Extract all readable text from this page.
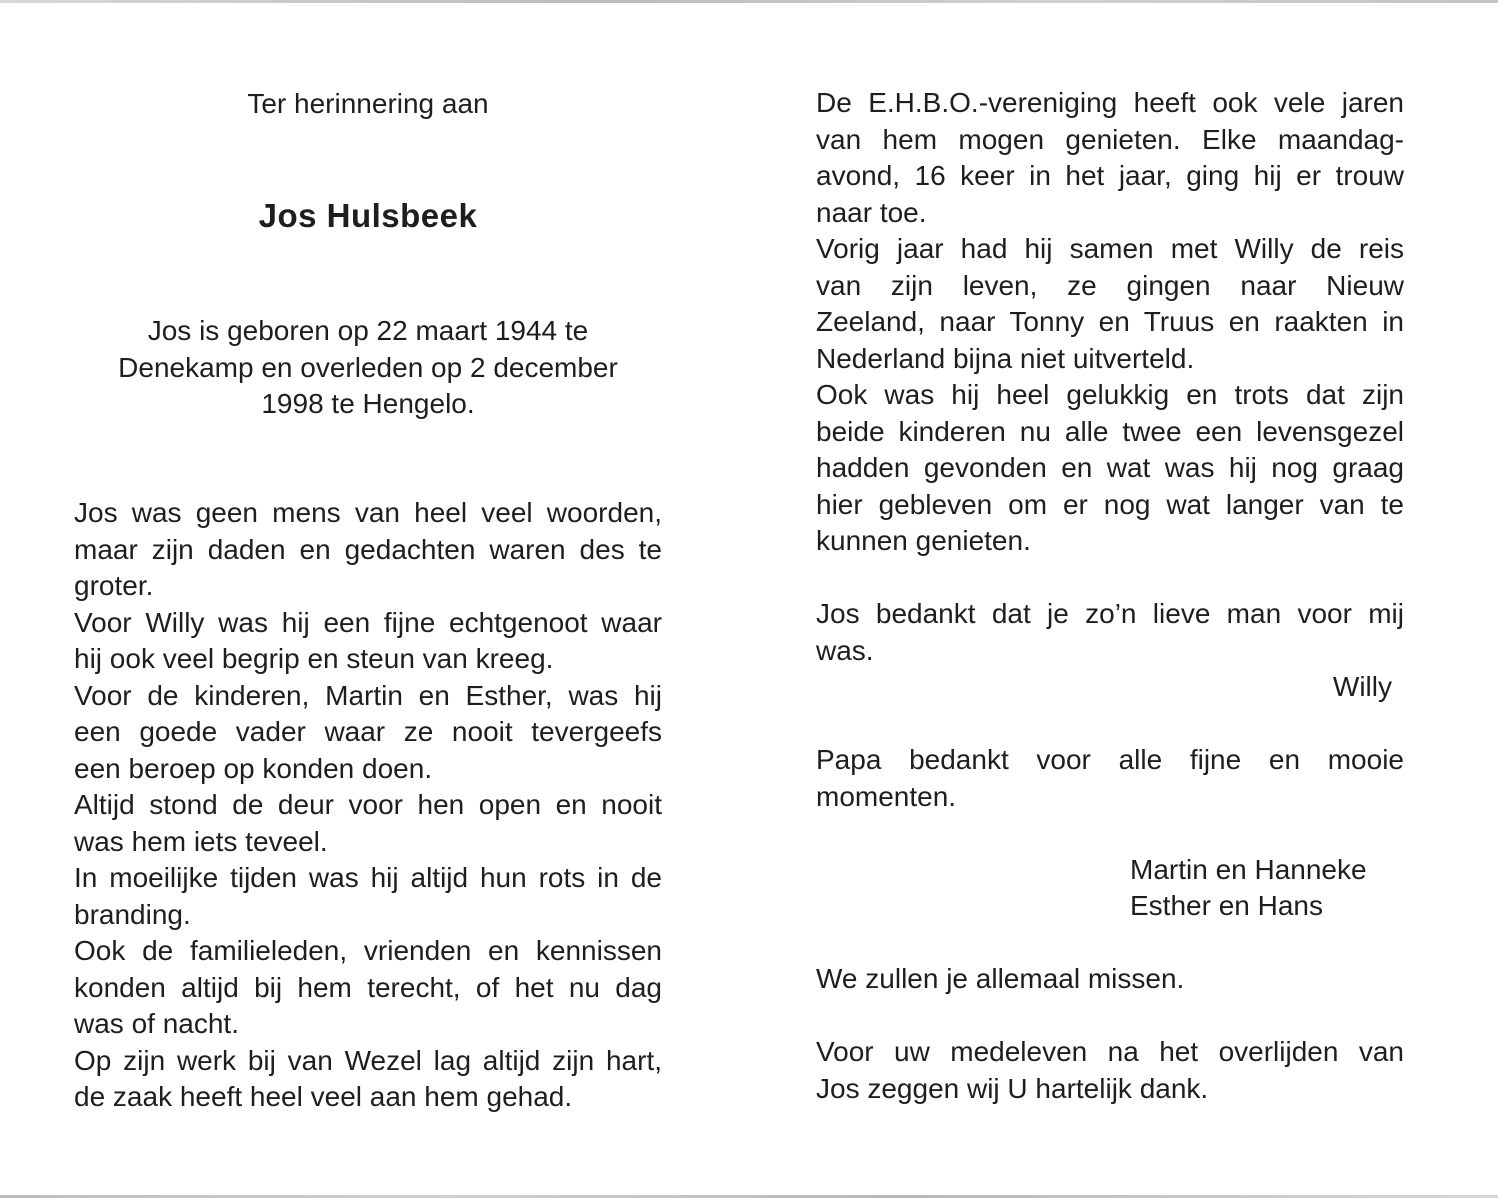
Ter herinnering aan
Jos Hulsbeek
Jos is geboren op 22 maart 1944 te
Denekamp en overleden op 2 december
1998 te Hengelo.
Jos was geen mens van heel veel woorden,
maar zijn daden en gedachten waren des te
groter.
Voor Willy was hij een fijne echtgenoot waar
hij ook veel begrip en steun van kreeg.
Voor de kinderen, Martin en Esther, was hij
een goede vader waar ze nooit tevergeefs
een beroep op konden doen.
Altijd stond de deur voor hen open en nooit
was hem iets teveel.
In moeilijke tijden was hij altijd hun rots in de
branding.
Ook de familieleden, vrienden en kennissen
konden altijd bij hem terecht, of het nu dag
was of nacht.
Op zijn werk bij van Wezel lag altijd zijn hart,
de zaak heeft heel veel aan hem gehad.
De E.H.B.O.-vereniging heeft ook vele jaren
van hem mogen genieten. Elke maandag-
avond, 16 keer in het jaar, ging hij er trouw
naar toe.
Vorig jaar had hij samen met Willy de reis
van zijn leven, ze gingen naar Nieuw
Zeeland, naar Tonny en Truus en raakten in
Nederland bijna niet uitverteld.
Ook was hij heel gelukkig en trots dat zijn
beide kinderen nu alle twee een levensgezel
hadden gevonden en wat was hij nog graag
hier gebleven om er nog wat langer van te
kunnen genieten.
Jos bedankt dat je zo’n lieve man voor mij
was.
Willy
Papa bedankt voor alle fijne en mooie
momenten.
Martin en Hanneke
Esther en Hans
We zullen je allemaal missen.
Voor uw medeleven na het overlijden van
Jos zeggen wij U hartelijk dank.
